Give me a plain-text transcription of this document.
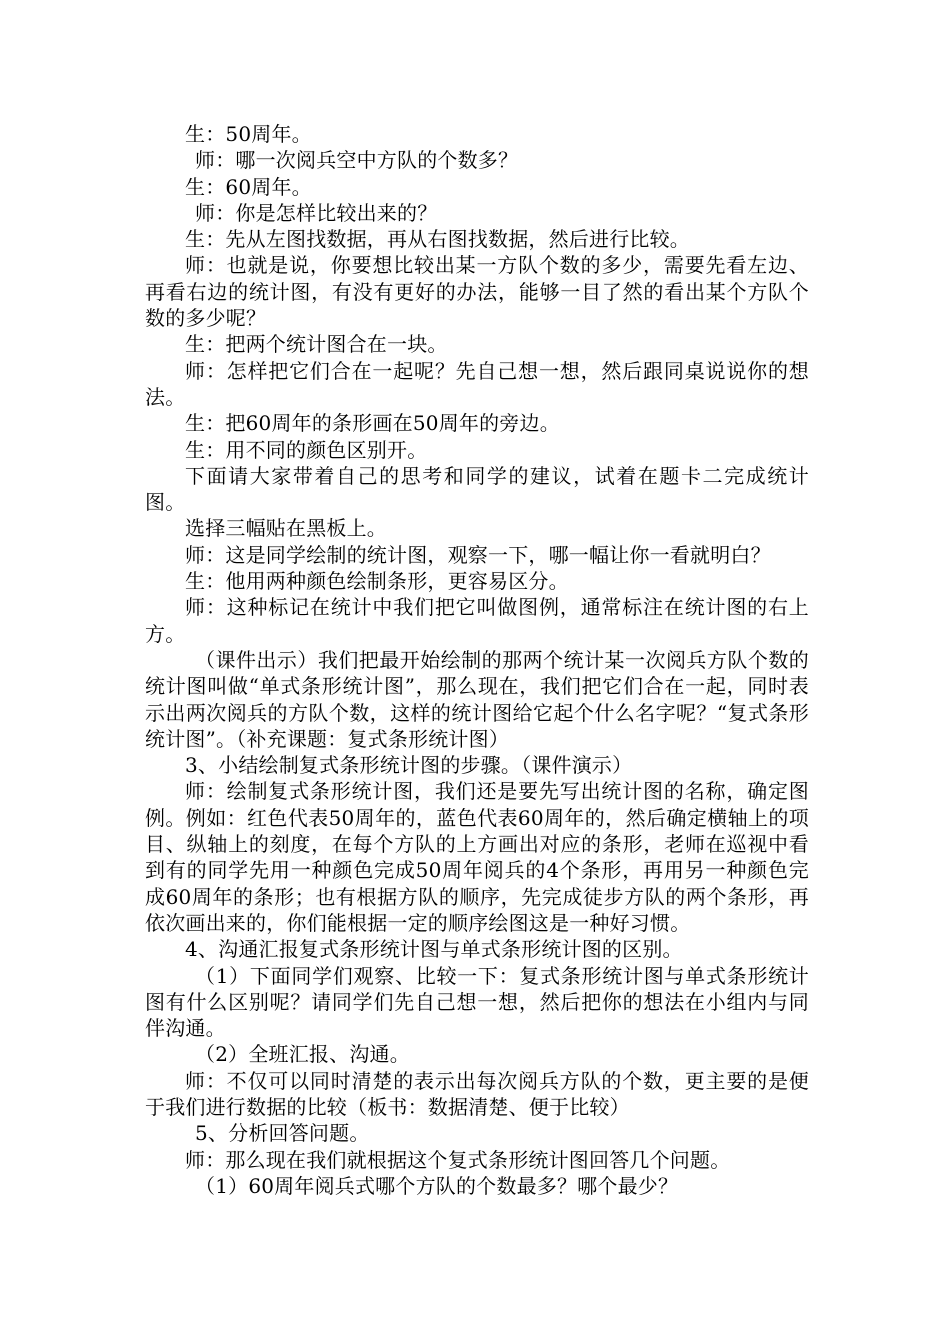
生：50周年。

师：哪一次阅兵空中方队的个数多？

生：60周年。

师：你是怎样比较出来的？

生：先从左图找数据，再从右图找数据，然后进行比较。

师：也就是说，你要想比较出某一方队个数的多少，需要先看左边、再看右边的统计图，有没有更好的办法，能够一目了然的看出某个方队个数的多少呢？

生：把两个统计图合在一块。

师：怎样把它们合在一起呢？先自己想一想，然后跟同桌说说你的想法。

生：把60周年的条形画在50周年的旁边。

生：用不同的颜色区别开。

下面请大家带着自己的思考和同学的建议，试着在题卡二完成统计图。

选择三幅贴在黑板上。

师：这是同学绘制的统计图，观察一下，哪一幅让你一看就明白？

生：他用两种颜色绘制条形，更容易区分。

师：这种标记在统计中我们把它叫做图例，通常标注在统计图的右上方。

（课件出示）我们把最开始绘制的那两个统计某一次阅兵方队个数的统计图叫做“单式条形统计图”，那么现在，我们把它们合在一起，同时表示出两次阅兵的方队个数，这样的统计图给它起个什么名字呢？“复式条形统计图”。（补充课题：复式条形统计图）

3、小结绘制复式条形统计图的步骤。（课件演示）

师：绘制复式条形统计图，我们还是要先写出统计图的名称，确定图例。例如：红色代表50周年的，蓝色代表60周年的，然后确定横轴上的项目、纵轴上的刻度，在每个方队的上方画出对应的条形，老师在巡视中看到有的同学先用一种颜色完成50周年阅兵的4个条形，再用另一种颜色完成60周年的条形；也有根据方队的顺序，先完成徒步方队的两个条形，再依次画出来的，你们能根据一定的顺序绘图这是一种好习惯。

4、沟通汇报复式条形统计图与单式条形统计图的区别。

（1）下面同学们观察、比较一下：复式条形统计图与单式条形统计图有什么区别呢？请同学们先自己想一想，然后把你的想法在小组内与同伴沟通。

（2）全班汇报、沟通。

师：不仅可以同时清楚的表示出每次阅兵方队的个数，更主要的是便于我们进行数据的比较（板书：数据清楚、便于比较）

5、分析回答问题。

师：那么现在我们就根据这个复式条形统计图回答几个问题。

（1）60周年阅兵式哪个方队的个数最多？哪个最少？
